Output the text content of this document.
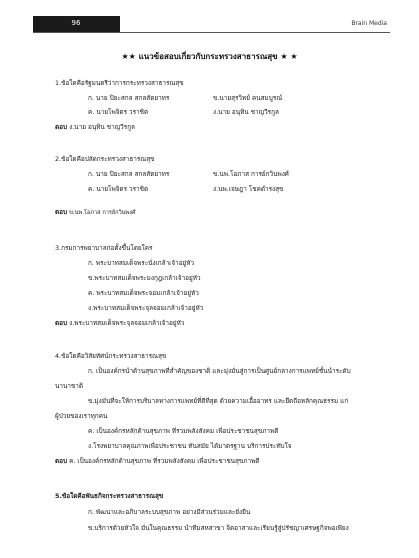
96	Brain Media
★★ แนวข้อสอบเกี่ยวกับกระทรวงสาธารณสุข ★ ★
1.ข้อใดคือรัฐมนตรีว่าการกระทรวงสาธารณสุข
ก. นาย ปิยะสกล สกลสัตยาทร	ข.นายสุรวิทย์ คนสมบูรณ์
ค. นายโพจิตร วราชิต	ง.นาย อนุทิน ชาญวีรกูล
ตอบ ง.นาย อนุทิน ชาญวีรกูล
2.ข้อใดคือปลัดกระทรวงสาธารณสุข
ก. นาย ปิยะสกล สกลสัตยาทร	ข.นพ.โอภาส การย์กวินพงศ์
ค. นายโพจิตร วราชิต	ง.นพ.เจษฎา โชคดำรงสุข
ตอบ ข.นพ.โอภาส การย์กวินพงศ์
3.กรมการพยาบาลก่อตั้งขึ้นโดยใคร
ก. พระบาทสมเด็จพระนั่งเกล้าเจ้าอยู่หัว
ข.พระบาทสมเด็จพระมงกุฎเกล้าเจ้าอยู่หัว
ค. พระบาทสมเด็จพระจอมเกล้าเจ้าอยู่หัว
ง.พระบาทสมเด็จพระจุลจอมเกล้าเจ้าอยู่หัว
ตอบ ง.พระบาทสมเด็จพระจุลจอมเกล้าเจ้าอยู่หัว
4.ข้อใดคือวิสัยทัศน์กระทรวงสาธารณสุข
ก. เป็นองค์กรนำด้านสุขภาพที่สำคัญของชาติ และมุ่งมั่นสู่การเป็นศูนย์กลางการแพทย์ชั้นนำระดับ
นานาชาติ
ข.มุ่งมั่นที่จะให้การบริบาลทางการแพทย์ที่ดีที่สุด ด้วยความเอื้ออาทร และยึดถือหลักคุณธรรม แก่
ผู้ป่วยของเราทุกคน
ค. เป็นองค์กรหลักด้านสุขภาพ ที่รวมพลังสังคม เพื่อประชาชนสุขภาพดี
ง.โรงพยาบาลคุณภาพเพื่อประชาชน ทันสมัย ได้มาตรฐาน บริการประทับใจ
ตอบ ค. เป็นองค์กรหลักด้านสุขภาพ ที่รวมพลังสังคม เพื่อประชาชนสุขภาพดี
5.ข้อใดคือพันธกิจกระทรวงสาธารณสุข
ก. พัฒนาและอภิบาลระบบสุขภาพ อย่างมีส่วนร่วมและยั่งยืน
ข.บริการด้วยหัวใจ มั่นในคุณธรรม นำทีมสหสาขา จิตอาสาและเรียนรู้สู่ปรัชญาเศรษฐกิจพอเพียง
